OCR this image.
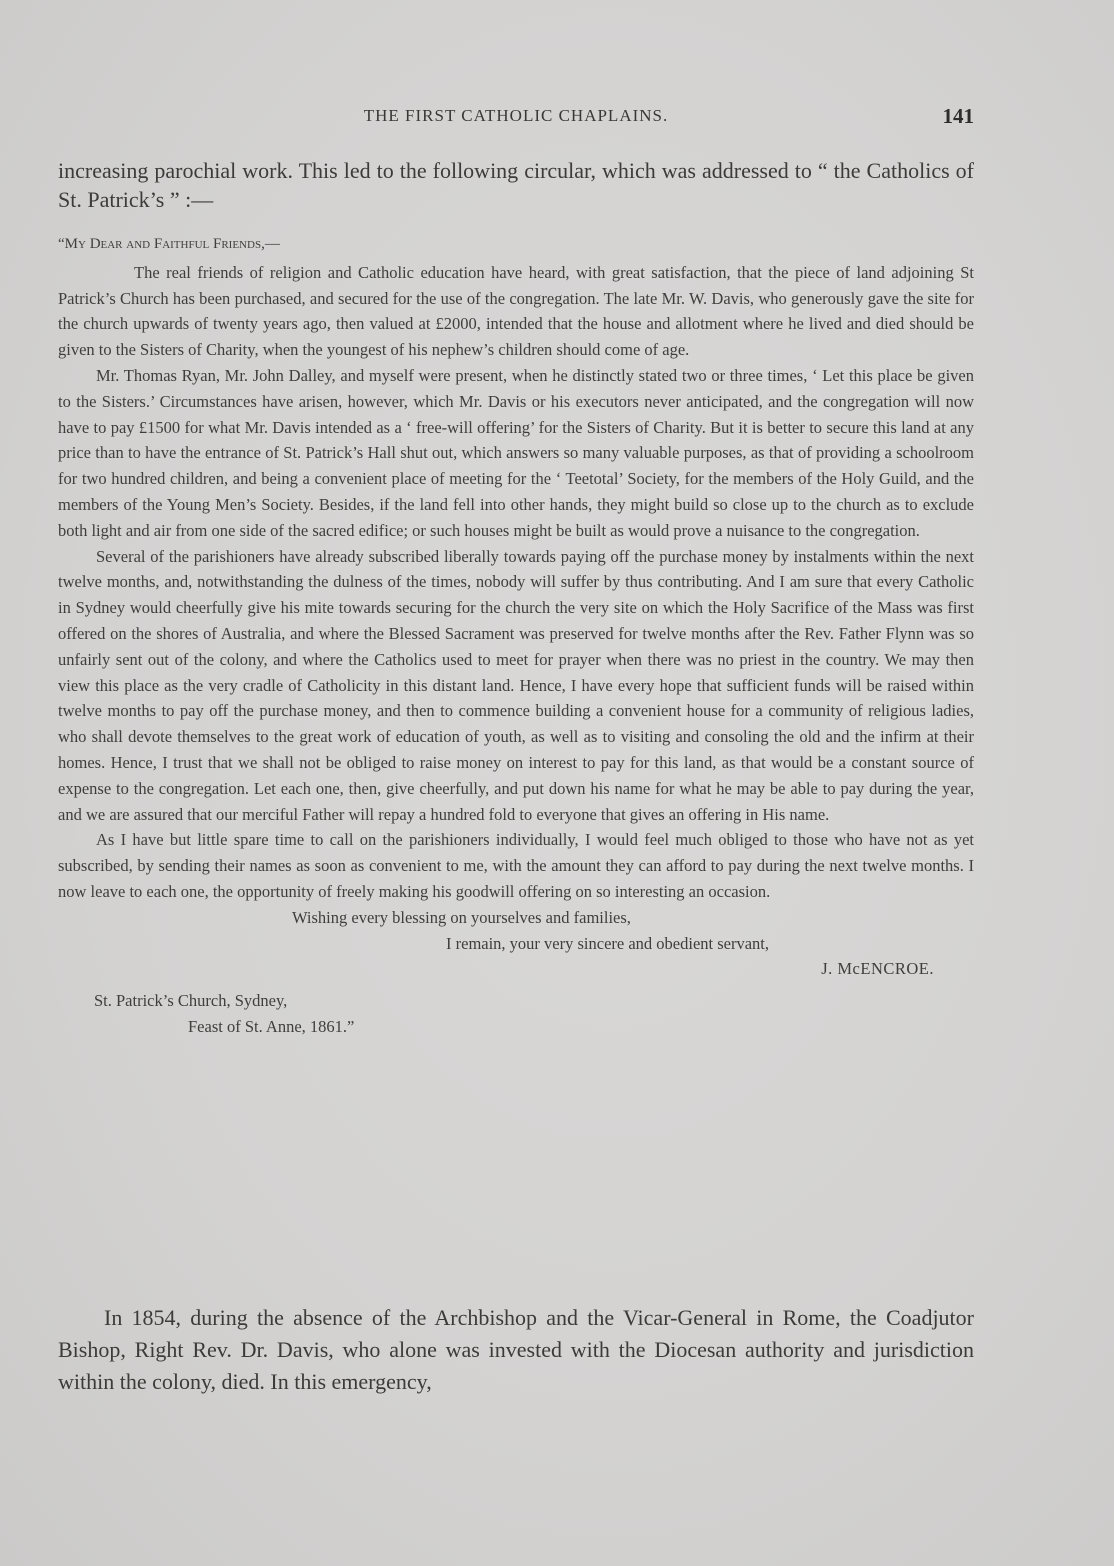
THE FIRST CATHOLIC CHAPLAINS.	141
increasing parochial work. This led to the following circular, which was addressed to “ the Catholics of St. Patrick’s ” :—
“My Dear and Faithful Friends,—

The real friends of religion and Catholic education have heard, with great satisfaction, that the piece of land adjoining St Patrick’s Church has been purchased, and secured for the use of the congregation. The late Mr. W. Davis, who generously gave the site for the church upwards of twenty years ago, then valued at £2000, intended that the house and allotment where he lived and died should be given to the Sisters of Charity, when the youngest of his nephew’s children should come of age.

Mr. Thomas Ryan, Mr. John Dalley, and myself were present, when he distinctly stated two or three times, ‘ Let this place be given to the Sisters.’ Circumstances have arisen, however, which Mr. Davis or his executors never anticipated, and the congregation will now have to pay £1500 for what Mr. Davis intended as a ‘ free-will offering’ for the Sisters of Charity. But it is better to secure this land at any price than to have the entrance of St. Patrick’s Hall shut out, which answers so many valuable purposes, as that of providing a schoolroom for two hundred children, and being a convenient place of meeting for the ‘ Teetotal’ Society, for the members of the Holy Guild, and the members of the Young Men’s Society. Besides, if the land fell into other hands, they might build so close up to the church as to exclude both light and air from one side of the sacred edifice; or such houses might be built as would prove a nuisance to the congregation.

Several of the parishioners have already subscribed liberally towards paying off the purchase money by instalments within the next twelve months, and, notwithstanding the dulness of the times, nobody will suffer by thus contributing. And I am sure that every Catholic in Sydney would cheerfully give his mite towards securing for the church the very site on which the Holy Sacrifice of the Mass was first offered on the shores of Australia, and where the Blessed Sacrament was preserved for twelve months after the Rev. Father Flynn was so unfairly sent out of the colony, and where the Catholics used to meet for prayer when there was no priest in the country. We may then view this place as the very cradle of Catholicity in this distant land. Hence, I have every hope that sufficient funds will be raised within twelve months to pay off the purchase money, and then to commence building a convenient house for a community of religious ladies, who shall devote themselves to the great work of education of youth, as well as to visiting and consoling the old and the infirm at their homes. Hence, I trust that we shall not be obliged to raise money on interest to pay for this land, as that would be a constant source of expense to the congregation. Let each one, then, give cheerfully, and put down his name for what he may be able to pay during the year, and we are assured that our merciful Father will repay a hundred fold to everyone that gives an offering in His name.

As I have but little spare time to call on the parishioners individually, I would feel much obliged to those who have not as yet subscribed, by sending their names as soon as convenient to me, with the amount they can afford to pay during the next twelve months. I now leave to each one, the opportunity of freely making his goodwill offering on so interesting an occasion.

Wishing every blessing on yourselves and families,
I remain, your very sincere and obedient servant,
J. McENCROE.
St. Patrick’s Church, Sydney,
Feast of St. Anne, 1861.”
In 1854, during the absence of the Archbishop and the Vicar-General in Rome, the Coadjutor Bishop, Right Rev. Dr. Davis, who alone was invested with the Diocesan authority and jurisdiction within the colony, died. In this emergency,
